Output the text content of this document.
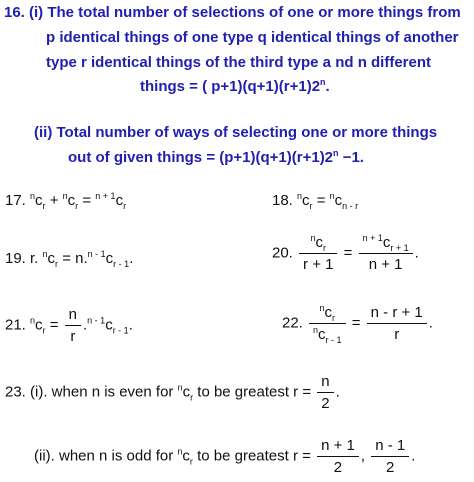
16. (i) The total number of selections of one or more things from
p identical things of one type q identical things of another
type r identical things of the third type a nd n different
things = ( $p+1)(q+1)(r+1)2^n$.
(ii) Total number of ways of selecting one or more things
out of given things = $(p+1)(q+1)(r+1)2^n -1$.
17. $^nc_r + ^nc_r = ^{n + 1}c_r$	18. $^nc_r = ^nc_{n - r}$
19. r. $^nc_r = n.^{n - 1}c_{r - 1}$.	20. $\frac{^nc_r}{r + 1} = \frac{^{n + 1}c_{r + 1}}{n + 1}$ .
21. $^nc_r = \frac{n}{r} .^{n - 1}c_{r - 1}$.	22. $\frac{^nc_r}{^nc_{r - 1}} = \frac{n - r + 1}{r}$ .
23. (i). when n is even for $^nc_r$ to be greatest $r = \frac{n}{2}$ .
(ii). when n is odd for $^nc_r$ to be greatest $r = \frac{n + 1}{2}$ , $\frac{n - 1}{2}$ .
